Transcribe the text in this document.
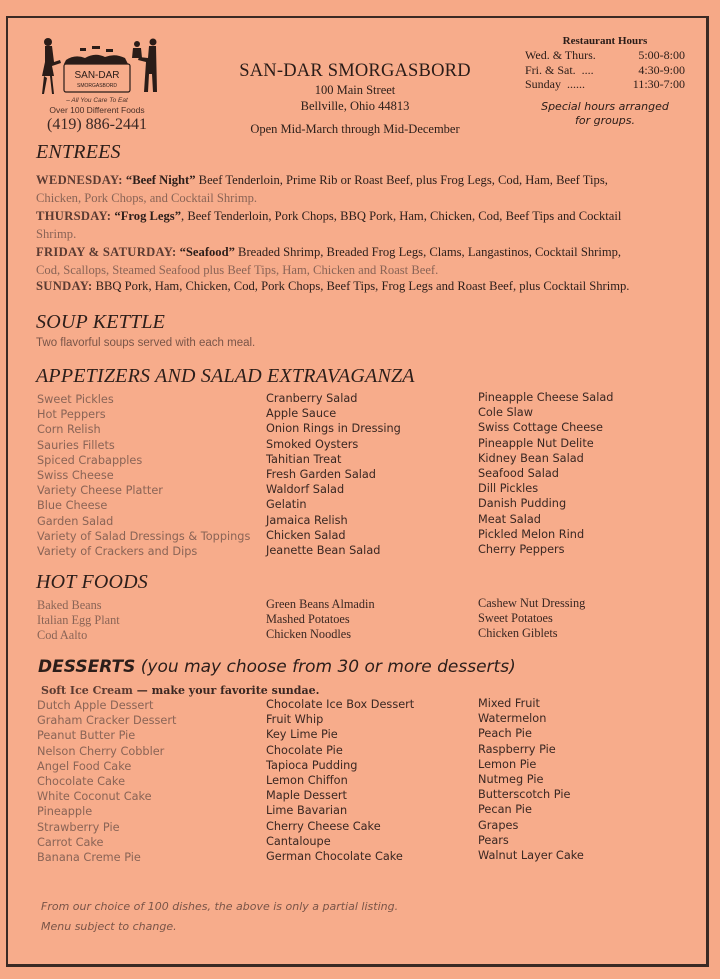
SAN-DAR
SMORGASBORD
– All You Care To Eat
Over 100 Different Foods
(419) 886-2441
SAN-DAR SMORGASBORD
100 Main Street
Bellville, Ohio 44813
Open Mid-March through Mid-December
Restaurant Hours
Wed. & Thurs.	5:00-8:00
Fri. & Sat.  ....	4:30-9:00
Sunday  ......	11:30-7:00
Special hours arranged
for groups.
ENTREES
WEDNESDAY: “Beef Night” Beef Tenderloin, Prime Rib or Roast Beef, plus Frog Legs, Cod, Ham, Beef Tips,
Chicken, Pork Chops, and Cocktail Shrimp.
THURSDAY: “Frog Legs”, Beef Tenderloin, Pork Chops, BBQ Pork, Ham, Chicken, Cod, Beef Tips and Cocktail
Shrimp.
FRIDAY & SATURDAY: “Seafood” Breaded Shrimp, Breaded Frog Legs, Clams, Langastinos, Cocktail Shrimp,
Cod, Scallops, Steamed Seafood plus Beef Tips, Ham, Chicken and Roast Beef.
SUNDAY: BBQ Pork, Ham, Chicken, Cod, Pork Chops, Beef Tips, Frog Legs and Roast Beef, plus Cocktail Shrimp.
SOUP KETTLE
Two flavorful soups served with each meal.
APPETIZERS AND SALAD EXTRAVAGANZA
Sweet Pickles
Hot Peppers
Corn Relish
Sauries Fillets
Spiced Crabapples
Swiss Cheese
Variety Cheese Platter
Blue Cheese
Garden Salad
Variety of Salad Dressings & Toppings
Variety of Crackers and Dips
Cranberry Salad
Apple Sauce
Onion Rings in Dressing
Smoked Oysters
Tahitian Treat
Fresh Garden Salad
Waldorf Salad
Gelatin
Jamaica Relish
Chicken Salad
Jeanette Bean Salad
Pineapple Cheese Salad
Cole Slaw
Swiss Cottage Cheese
Pineapple Nut Delite
Kidney Bean Salad
Seafood Salad
Dill Pickles
Danish Pudding
Meat Salad
Pickled Melon Rind
Cherry Peppers
HOT FOODS
Baked Beans
Italian Egg Plant
Cod Aalto
Green Beans Almadin
Mashed Potatoes
Chicken Noodles
Cashew Nut Dressing
Sweet Potatoes
Chicken Giblets
DESSERTS (you may choose from 30 or more desserts)
Soft Ice Cream — make your favorite sundae.
Dutch Apple Dessert
Graham Cracker Dessert
Peanut Butter Pie
Nelson Cherry Cobbler
Angel Food Cake
Chocolate Cake
White Coconut Cake
Pineapple
Strawberry Pie
Carrot Cake
Banana Creme Pie
Chocolate Ice Box Dessert
Fruit Whip
Key Lime Pie
Chocolate Pie
Tapioca Pudding
Lemon Chiffon
Maple Dessert
Lime Bavarian
Cherry Cheese Cake
Cantaloupe
German Chocolate Cake
Mixed Fruit
Watermelon
Peach Pie
Raspberry Pie
Lemon Pie
Nutmeg Pie
Butterscotch Pie
Pecan Pie
Grapes
Pears
Walnut Layer Cake
From our choice of 100 dishes, the above is only a partial listing.
Menu subject to change.
